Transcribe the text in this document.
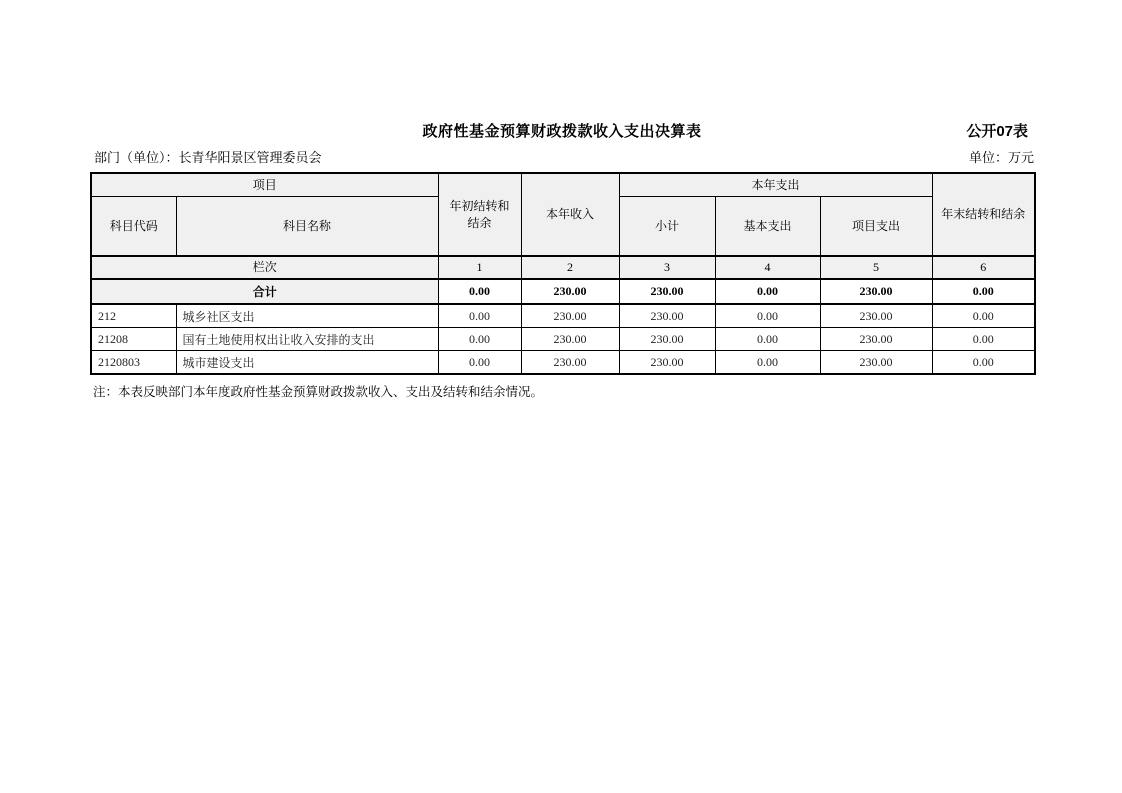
政府性基金预算财政拨款收入支出决算表	公开07表
部门（单位）：长青华阳景区管理委员会	单位：万元
项目		年初结转和结余	本年收入	本年支出			年末结转和结余
科目代码	科目名称			小计	基本支出	项目支出	
栏次		1	2	3	4	5	6
合计		0.00	230.00	230.00	0.00	230.00	0.00
212	城乡社区支出	0.00	230.00	230.00	0.00	230.00	0.00
21208	国有土地使用权出让收入安排的支出	0.00	230.00	230.00	0.00	230.00	0.00
2120803	城市建设支出	0.00	230.00	230.00	0.00	230.00	0.00
注：本表反映部门本年度政府性基金预算财政拨款收入、支出及结转和结余情况。
